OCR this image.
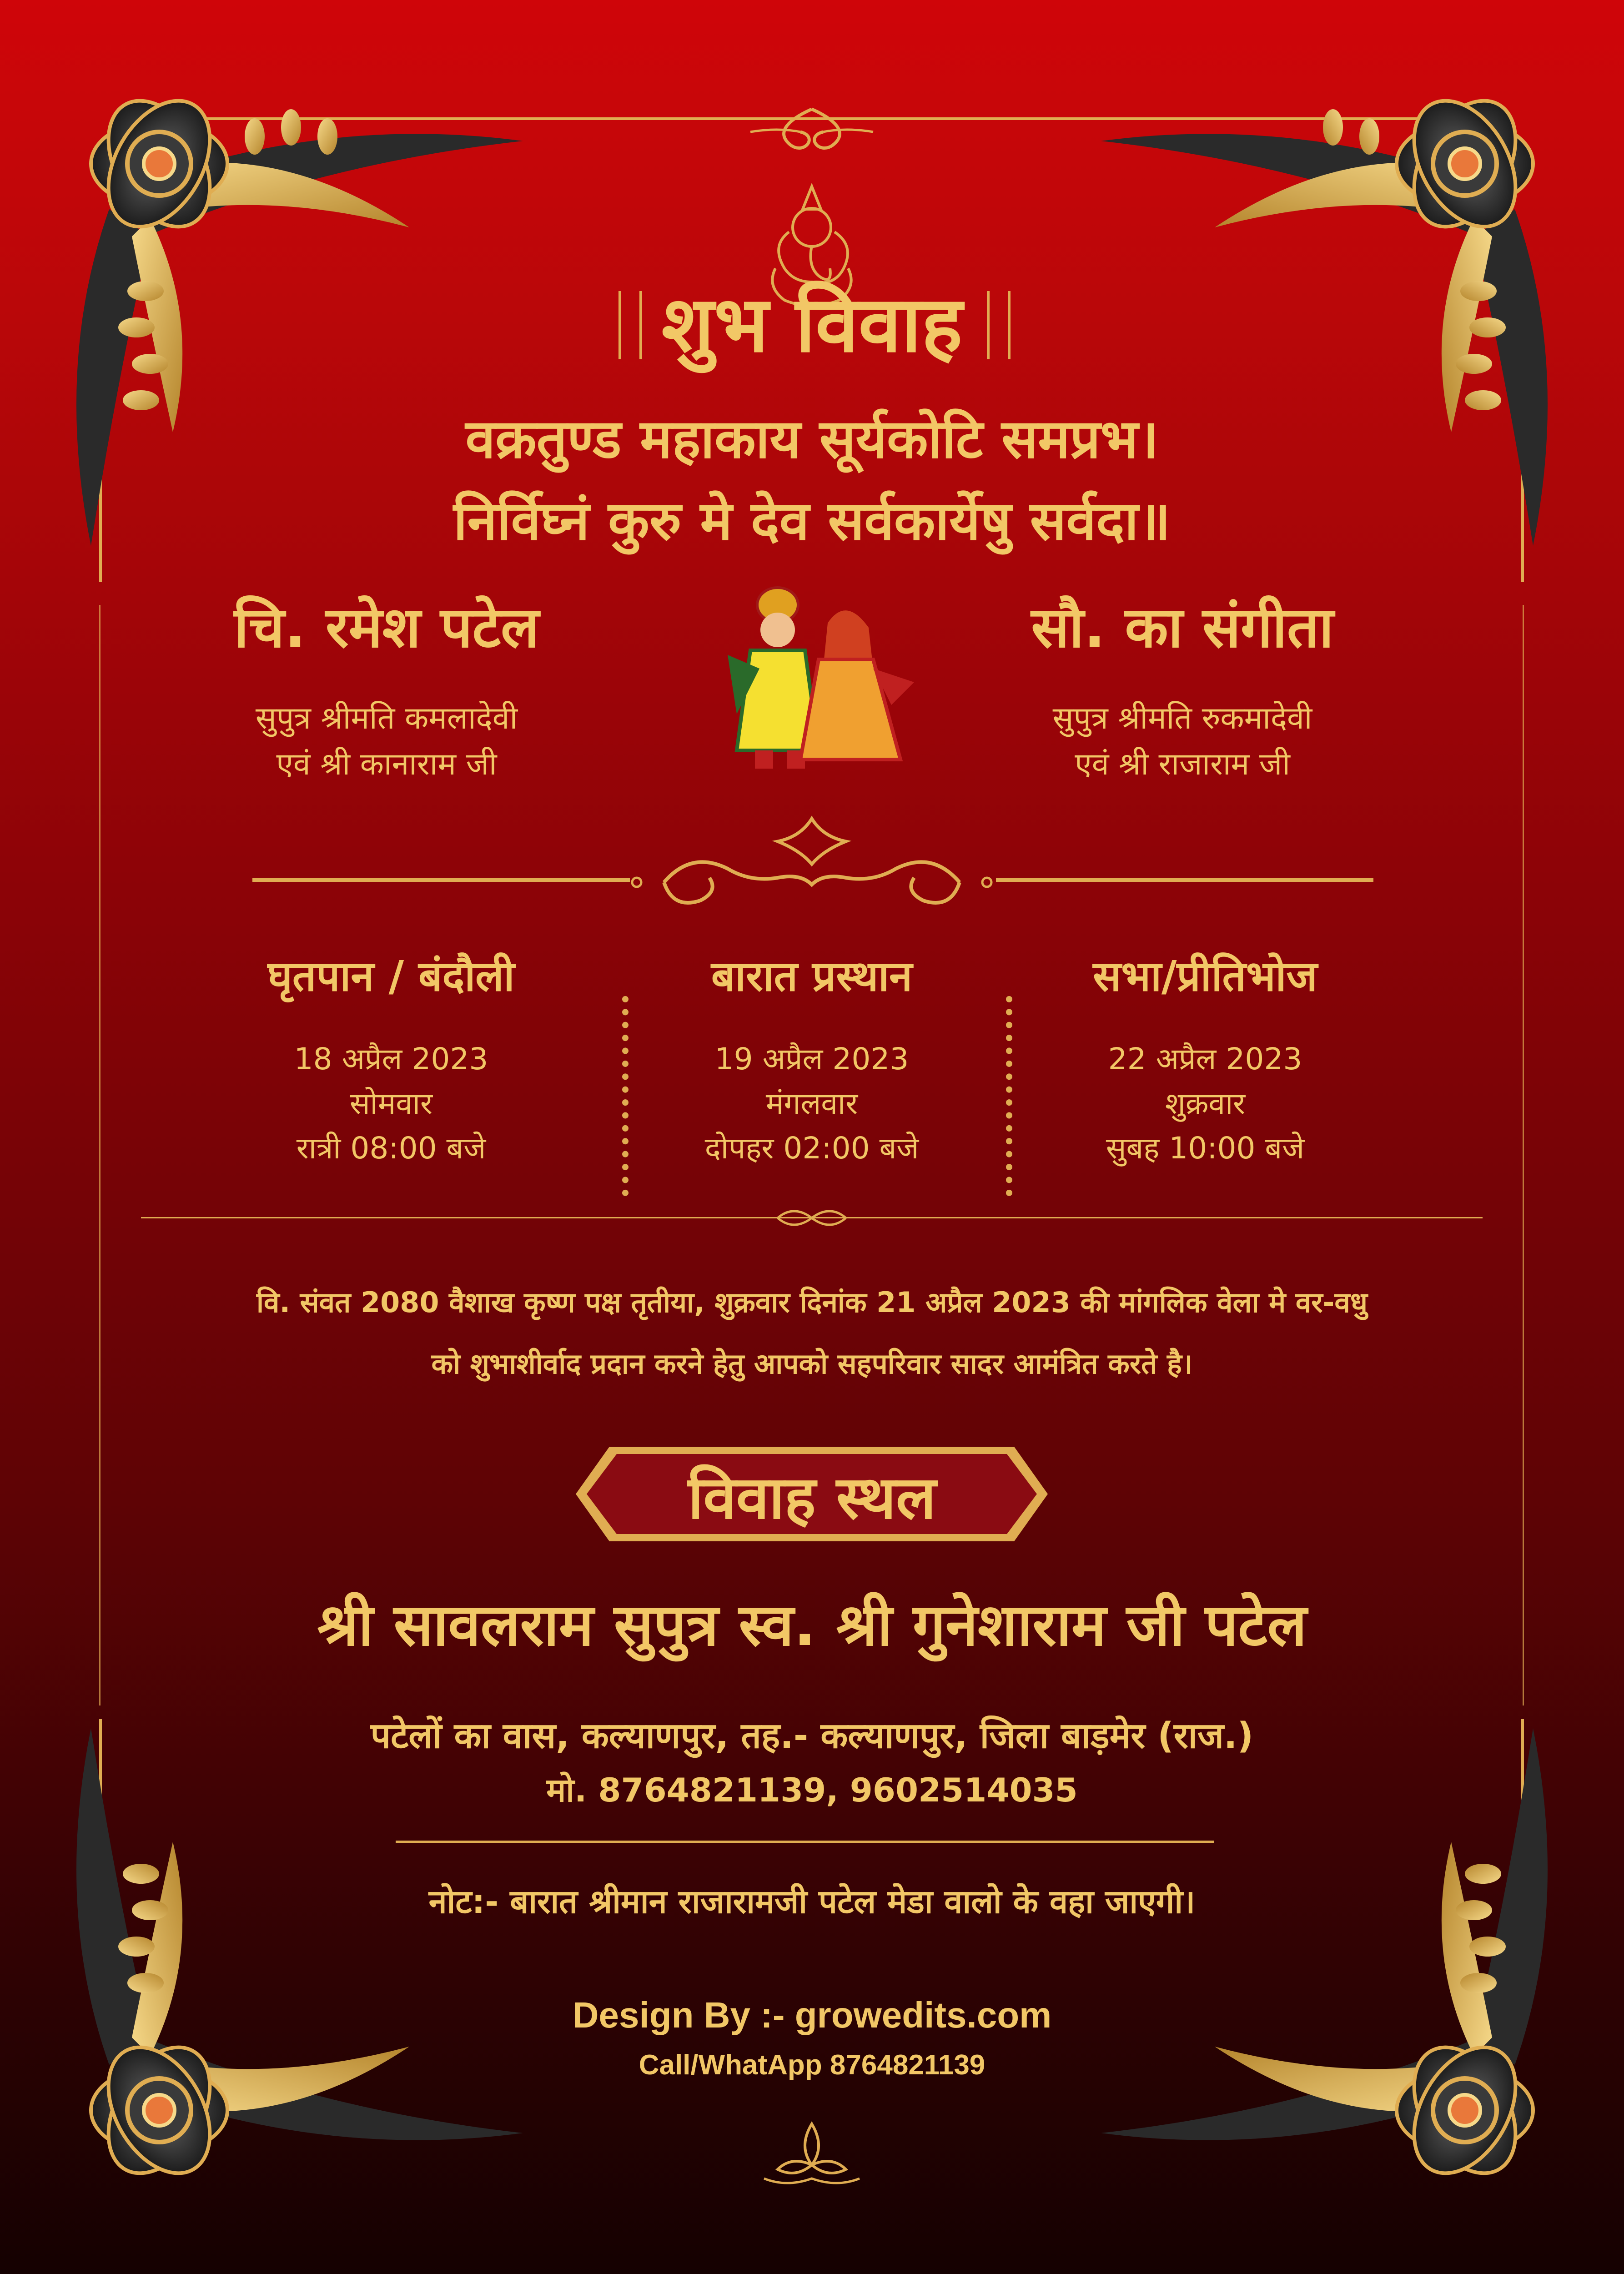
शुभ विवाह
वक्रतुण्ड महाकाय सूर्यकोटि समप्रभ।
निर्विघ्नं कुरु मे देव सर्वकार्येषु सर्वदा॥
चि. रमेश पटेल
सुपुत्र श्रीमति कमलादेवी
एवं श्री कानाराम जी
सौ. का संगीता
सुपुत्र श्रीमति रुकमादेवी
एवं श्री राजाराम जी
घृतपान / बंदौली
18 अप्रैल 2023
सोमवार
रात्री 08:00 बजे
बारात प्रस्थान
19 अप्रैल 2023
मंगलवार
दोपहर 02:00 बजे
सभा/प्रीतिभोज
22 अप्रैल 2023
शुक्रवार
सुबह 10:00 बजे
वि. संवत 2080 वैशाख कृष्ण पक्ष तृतीया, शुक्रवार दिनांक 21 अप्रैल 2023 की मांगलिक वेला मे वर-वधु
को शुभाशीर्वाद प्रदान करने हेतु आपको सहपरिवार सादर आमंत्रित करते है।
विवाह स्थल
श्री सावलराम सुपुत्र स्व. श्री गुनेशाराम जी पटेल
पटेलों का वास, कल्याणपुर, तह.- कल्याणपुर, जिला बाड़मेर (राज.)
मो. 8764821139, 9602514035
नोट:- बारात श्रीमान राजारामजी पटेल मेडा वालो के वहा जाएगी।
Design By :- growedits.com
Call/WhatApp 8764821139
